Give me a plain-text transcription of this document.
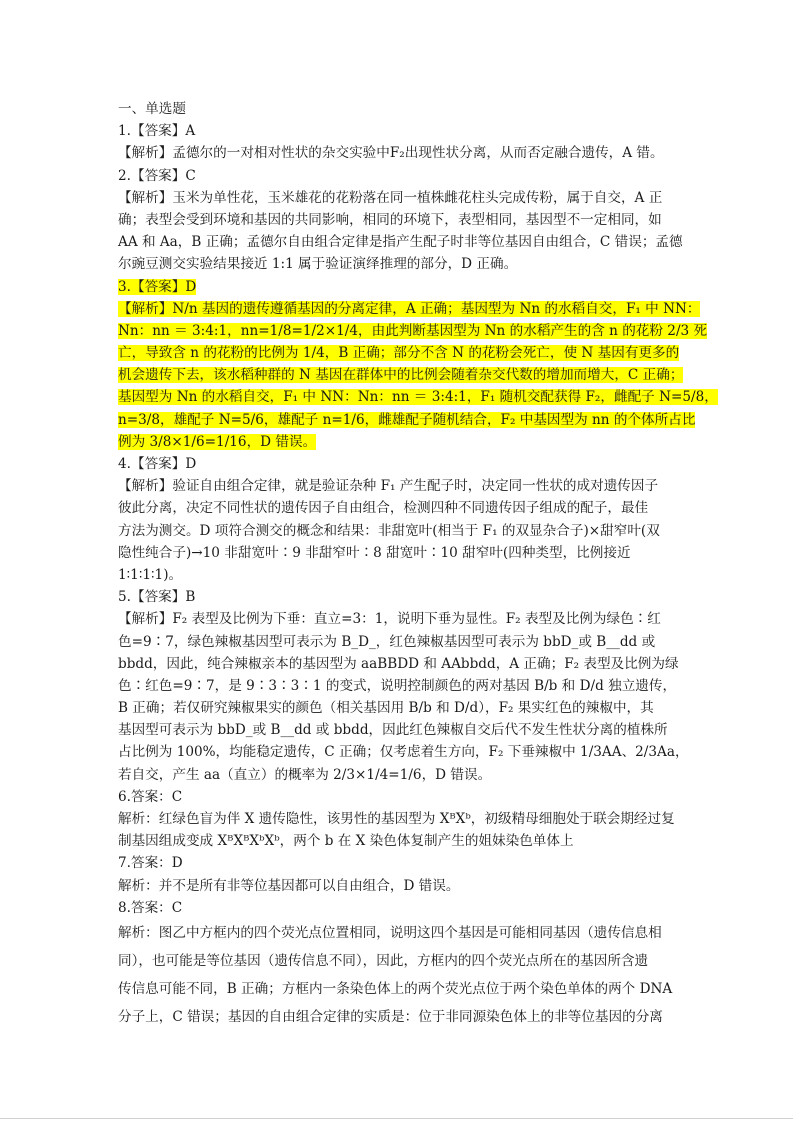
一、单选题
1.【答案】A
【解析】孟德尔的一对相对性状的杂交实验中F₂出现性状分离，从而否定融合遗传，A 错。
2.【答案】C
【解析】玉米为单性花，玉米雄花的花粉落在同一植株雌花柱头完成传粉，属于自交，A 正
确；表型会受到环境和基因的共同影响，相同的环境下，表型相同，基因型不一定相同，如
AA 和 Aa，B 正确；孟德尔自由组合定律是指产生配子时非等位基因自由组合，C 错误；孟德
尔豌豆测交实验结果接近 1:1 属于验证演绎推理的部分，D 正确。
3.【答案】D
【解析】N/n 基因的遗传遵循基因的分离定律，A 正确；基因型为 Nn 的水稻自交，F₁ 中 NN：
Nn：nn ＝ 3:4:1，nn=1/8=1/2×1/4，由此判断基因型为 Nn 的水稻产生的含 n 的花粉 2/3 死
亡，导致含 n 的花粉的比例为 1/4，B 正确；部分不含 N 的花粉会死亡，使 N 基因有更多的
机会遗传下去，该水稻种群的 N 基因在群体中的比例会随着杂交代数的增加而增大，C 正确；
基因型为 Nn 的水稻自交，F₁ 中 NN：Nn：nn ＝ 3:4:1，F₁ 随机交配获得 F₂，雌配子 N=5/8，
n=3/8，雄配子 N=5/6，雄配子 n=1/6，雌雄配子随机结合，F₂ 中基因型为 nn 的个体所占比
例为 3/8×1/6=1/16，D 错误。
4.【答案】D
【解析】验证自由组合定律，就是验证杂种 F₁ 产生配子时，决定同一性状的成对遗传因子
彼此分离，决定不同性状的遗传因子自由组合，检测四种不同遗传因子组成的配子，最佳
方法为测交。D 项符合测交的概念和结果：非甜宽叶(相当于 F₁ 的双显杂合子)×甜窄叶(双
隐性纯合子)→10 非甜宽叶∶9 非甜窄叶∶8 甜宽叶∶10 甜窄叶(四种类型，比例接近
1∶1∶1∶1)。
5.【答案】B
【解析】F₂ 表型及比例为下垂：直立=3：1，说明下垂为显性。F₂ 表型及比例为绿色∶红
色=9∶7，绿色辣椒基因型可表示为 B_D_，红色辣椒基因型可表示为 bbD_或 B__dd 或
bbdd，因此，纯合辣椒亲本的基因型为 aaBBDD 和 AAbbdd，A 正确；F₂ 表型及比例为绿
色∶红色=9∶7，是 9∶3∶3∶1 的变式，说明控制颜色的两对基因 B/b 和 D/d 独立遗传，
B 正确；若仅研究辣椒果实的颜色（相关基因用 B/b 和 D/d），F₂ 果实红色的辣椒中，其
基因型可表示为 bbD_或 B__dd 或 bbdd，因此红色辣椒自交后代不发生性状分离的植株所
占比例为 100%，均能稳定遗传，C 正确；仅考虑着生方向，F₂ 下垂辣椒中 1/3AA、2/3Aa，
若自交，产生 aa（直立）的概率为 2/3×1/4=1/6，D 错误。
6.答案：C
解析：红绿色盲为伴 X 遗传隐性，该男性的基因型为 XᴮXᵇ，初级精母细胞处于联会期经过复
制基因组成变成 XᴮXᴮXᵇXᵇ，两个 b 在 X 染色体复制产生的姐妹染色单体上
7.答案：D
解析：并不是所有非等位基因都可以自由组合，D 错误。
8.答案：C
解析：图乙中方框内的四个荧光点位置相同，说明这四个基因是可能相同基因（遗传信息相
同），也可能是等位基因（遗传信息不同），因此，方框内的四个荧光点所在的基因所含遗
传信息可能不同，B 正确；方框内一条染色体上的两个荧光点位于两个染色单体的两个 DNA
分子上，C 错误；基因的自由组合定律的实质是：位于非同源染色体上的非等位基因的分离
